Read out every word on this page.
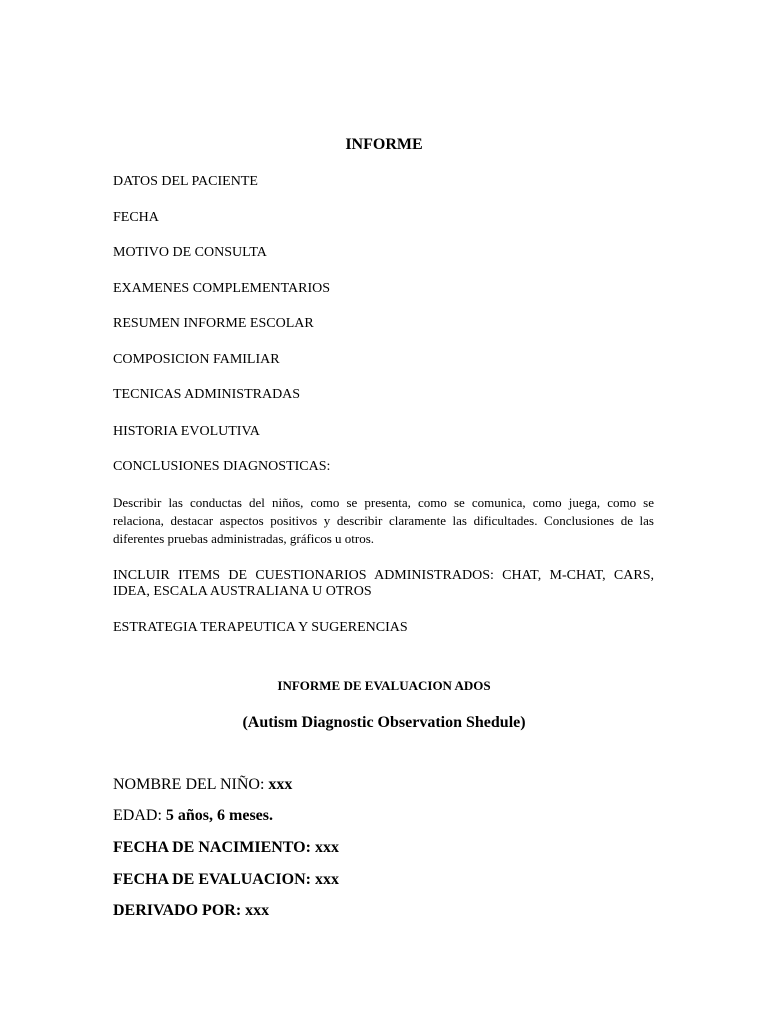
INFORME
DATOS DEL PACIENTE
FECHA
MOTIVO DE CONSULTA
EXAMENES COMPLEMENTARIOS
RESUMEN INFORME ESCOLAR
COMPOSICION FAMILIAR
TECNICAS ADMINISTRADAS
HISTORIA EVOLUTIVA
CONCLUSIONES DIAGNOSTICAS:
Describir las conductas del niños, como se presenta, como se comunica, como juega, como se relaciona, destacar aspectos positivos y describir claramente las dificultades. Conclusiones de las diferentes pruebas administradas, gráficos u otros.
INCLUIR ITEMS DE CUESTIONARIOS ADMINISTRADOS: CHAT, M-CHAT, CARS, IDEA, ESCALA AUSTRALIANA U OTROS
ESTRATEGIA TERAPEUTICA Y SUGERENCIAS
INFORME DE EVALUACION ADOS
(Autism Diagnostic Observation Shedule)
NOMBRE DEL NIÑO: xxx
EDAD: 5 años, 6 meses.
FECHA DE NACIMIENTO: xxx
FECHA DE EVALUACION: xxx
DERIVADO POR: xxx
